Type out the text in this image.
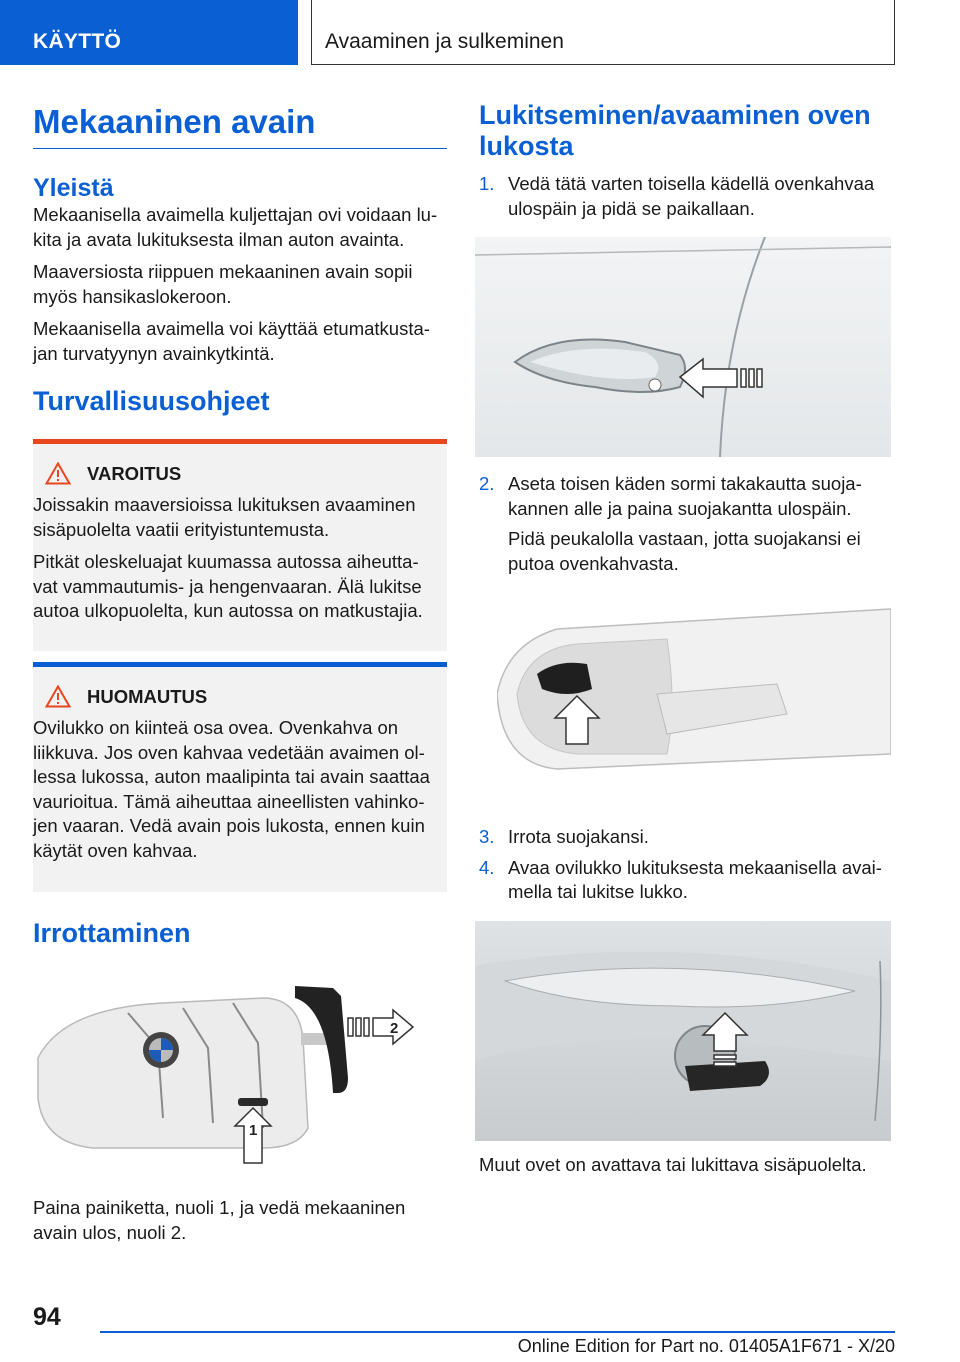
KÄYTTÖ	Avaaminen ja sulkeminen
Mekaaninen avain
Yleistä

Mekaanisella avaimella kuljettajan ovi voidaan lu-kita ja avata lukituksesta ilman auton avainta.

Maaversiosta riippuen mekaaninen avain sopii myös hansikaslokeroon.

Mekaanisella avaimella voi käyttää etumatkusta-jan turvatyynyn avainkytkintä.

Turvallisuusohjeet
VAROITUS

Joissakin maaversioissa lukituksen avaaminen sisäpuolelta vaatii erityistuntemusta.

Pitkät oleskeluajat kuumassa autossa aiheutta-vat vammautumis- ja hengenvaaran. Älä lukitse autoa ulkopuolelta, kun autossa on matkustajia.

HUOMAUTUS

Ovilukko on kiinteä osa ovea. Ovenkahva on liikkuva. Jos oven kahvaa vedetään avaimen ol-lessa lukossa, auton maalipinta tai avain saattaa vaurioitua. Tämä aiheuttaa aineellisten vahinko-jen vaaran. Vedä avain pois lukosta, ennen kuin käytät oven kahvaa.

Irrottaminen
2
1

Paina painiketta, nuoli 1, ja vedä mekaaninen avain ulos, nuoli 2.

Lukitseminen/avaaminen oven lukosta
1. Vedä tätä varten toisella kädellä ovenkahvaa ulospäin ja pidä se paikallaan.
2. Aseta toisen käden sormi takakautta suoja-kannen alle ja paina suojakantta ulospäin.

Pidä peukalolla vastaan, jotta suojakansi ei putoa ovenkahvasta.

3. Irrota suojakansi.
4. Avaa ovilukko lukituksesta mekaanisella avai-mella tai lukitse lukko.

Muut ovet on avattava tai lukittava sisäpuolelta.

94
Online Edition for Part no. 01405A1F671 - X/20
